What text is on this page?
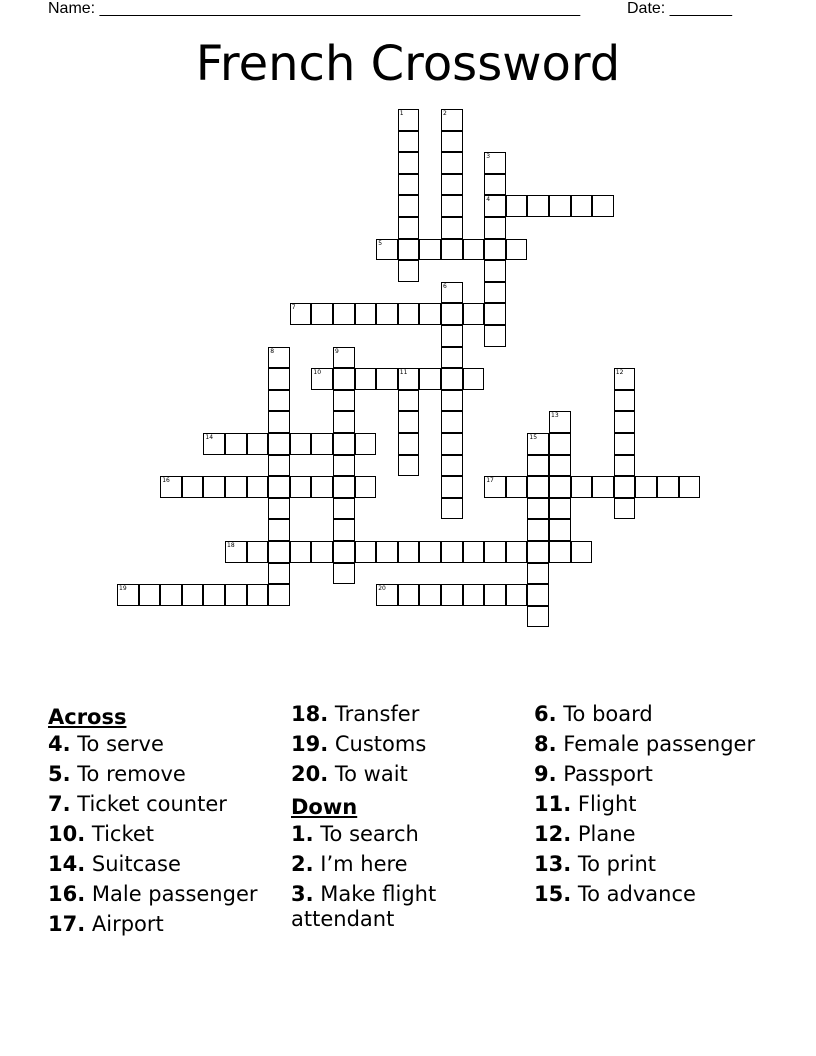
Name: ______________________________________________________	Date: _______
French Crossword
1	2
3
4
5
6
7
8	9
10	11	12
13
14	15
16	17
18
19	20
Across
4. To serve
5. To remove
7. Ticket counter
10. Ticket
14. Suitcase
16. Male passenger
17. Airport
18. Transfer
19. Customs
20. To wait
Down
1. To search
2. I’m here
3. Make flight attendant
6. To board
8. Female passenger
9. Passport
11. Flight
12. Plane
13. To print
15. To advance
